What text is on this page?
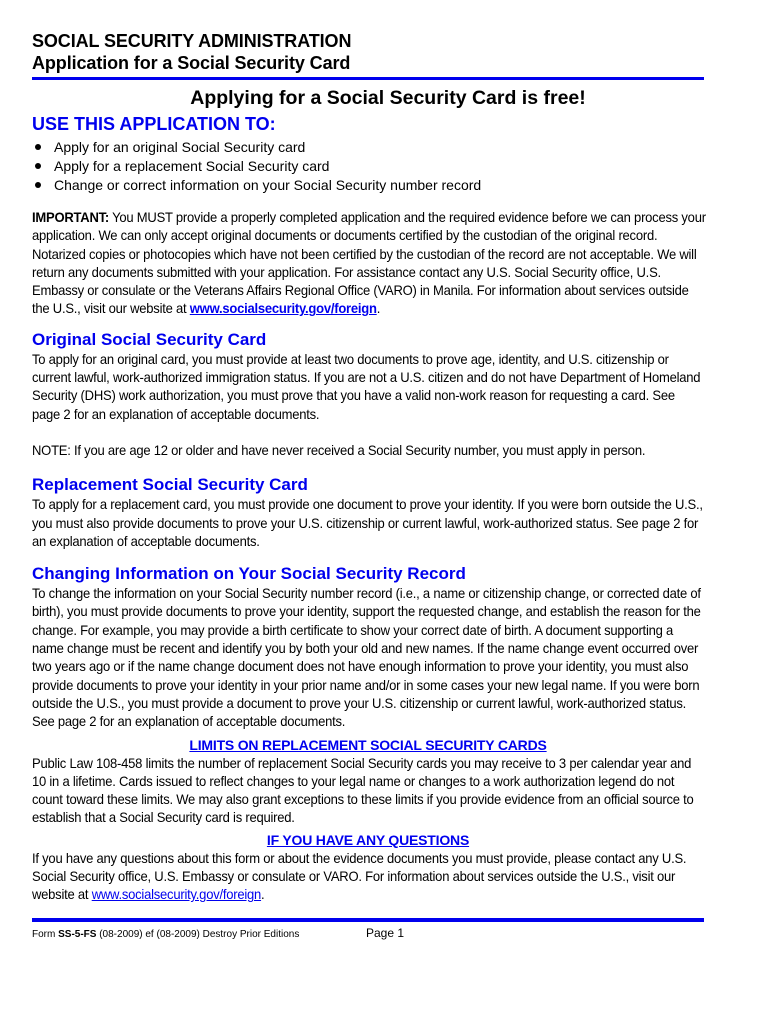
SOCIAL SECURITY ADMINISTRATION
Application for a Social Security Card
Applying for a Social Security Card is free!
USE THIS APPLICATION TO:
Apply for an original Social Security card
Apply for a replacement Social Security card
Change or correct information on your Social Security number record
IMPORTANT: You MUST provide a properly completed application and the required evidence before we can process your application. We can only accept original documents or documents certified by the custodian of the original record. Notarized copies or photocopies which have not been certified by the custodian of the record are not acceptable. We will return any documents submitted with your application. For assistance contact any U.S. Social Security office, U.S. Embassy or consulate or the Veterans Affairs Regional Office (VARO) in Manila. For information about services outside the U.S., visit our website at www.socialsecurity.gov/foreign.
Original Social Security Card
To apply for an original card, you must provide at least two documents to prove age, identity, and U.S. citizenship or current lawful, work-authorized immigration status. If you are not a U.S. citizen and do not have Department of Homeland Security (DHS) work authorization, you must prove that you have a valid non-work reason for requesting a card. See page 2 for an explanation of acceptable documents.
NOTE: If you are age 12 or older and have never received a Social Security number, you must apply in person.
Replacement Social Security Card
To apply for a replacement card, you must provide one document to prove your identity. If you were born outside the U.S., you must also provide documents to prove your U.S. citizenship or current lawful, work-authorized status. See page 2 for an explanation of acceptable documents.
Changing Information on Your Social Security Record
To change the information on your Social Security number record (i.e., a name or citizenship change, or corrected date of birth), you must provide documents to prove your identity, support the requested change, and establish the reason for the change. For example, you may provide a birth certificate to show your correct date of birth. A document supporting a name change must be recent and identify you by both your old and new names. If the name change event occurred over two years ago or if the name change document does not have enough information to prove your identity, you must also provide documents to prove your identity in your prior name and/or in some cases your new legal name. If you were born outside the U.S., you must provide a document to prove your U.S. citizenship or current lawful, work-authorized status. See page 2 for an explanation of acceptable documents.
LIMITS ON REPLACEMENT SOCIAL SECURITY CARDS
Public Law 108-458 limits the number of replacement Social Security cards you may receive to 3 per calendar year and 10 in a lifetime. Cards issued to reflect changes to your legal name or changes to a work authorization legend do not count toward these limits. We may also grant exceptions to these limits if you provide evidence from an official source to establish that a Social Security card is required.
IF YOU HAVE ANY QUESTIONS
If you have any questions about this form or about the evidence documents you must provide, please contact any U.S. Social Security office, U.S. Embassy or consulate or VARO. For information about services outside the U.S., visit our website at www.socialsecurity.gov/foreign.
Form SS-5-FS (08-2009) ef (08-2009) Destroy Prior Editions	Page 1
